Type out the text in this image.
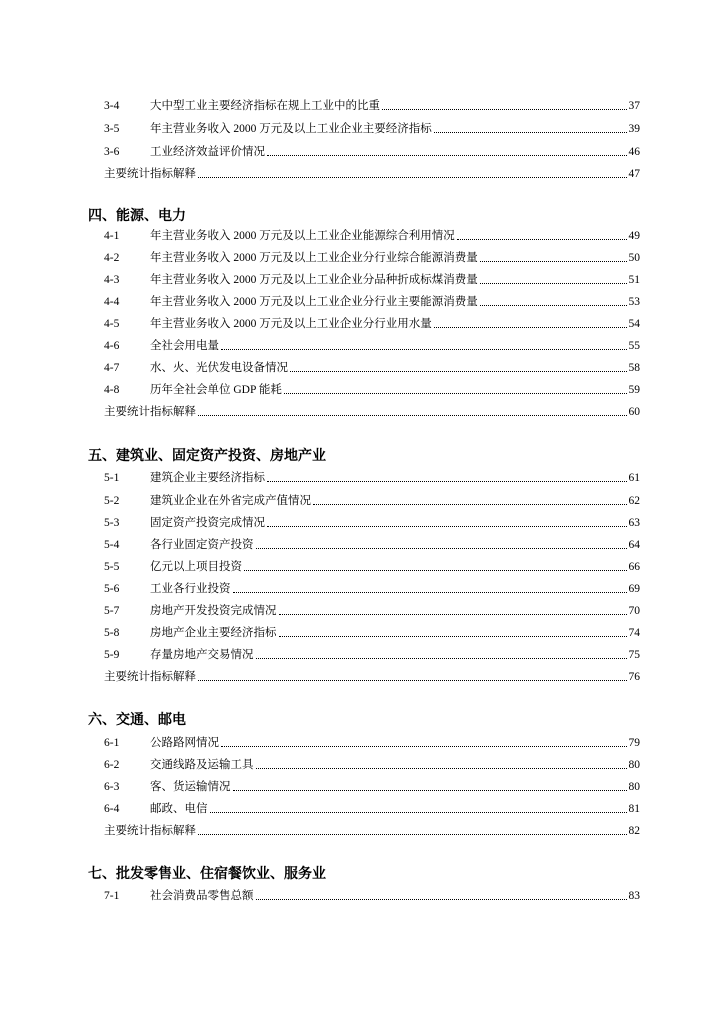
3-4	大中型工业主要经济指标在规上工业中的比重	37
3-5	年主营业务收入 2000 万元及以上工业企业主要经济指标	39
3-6	工业经济效益评价情况	46
主要统计指标解释	47
四、能源、电力
4-1	年主营业务收入 2000 万元及以上工业企业能源综合利用情况	49
4-2	年主营业务收入 2000 万元及以上工业企业分行业综合能源消费量	50
4-3	年主营业务收入 2000 万元及以上工业企业分品种折成标煤消费量	51
4-4	年主营业务收入 2000 万元及以上工业企业分行业主要能源消费量	53
4-5	年主营业务收入 2000 万元及以上工业企业分行业用水量	54
4-6	全社会用电量	55
4-7	水、火、光伏发电设备情况	58
4-8	历年全社会单位 GDP 能耗	59
主要统计指标解释	60
五、建筑业、固定资产投资、房地产业
5-1	建筑企业主要经济指标	61
5-2	建筑业企业在外省完成产值情况	62
5-3	固定资产投资完成情况	63
5-4	各行业固定资产投资	64
5-5	亿元以上项目投资	66
5-6	工业各行业投资	69
5-7	房地产开发投资完成情况	70
5-8	房地产企业主要经济指标	74
5-9	存量房地产交易情况	75
主要统计指标解释	76
六、交通、邮电
6-1	公路路网情况	79
6-2	交通线路及运输工具	80
6-3	客、货运输情况	80
6-4	邮政、电信	81
主要统计指标解释	82
七、批发零售业、住宿餐饮业、服务业
7-1	社会消费品零售总额	83
